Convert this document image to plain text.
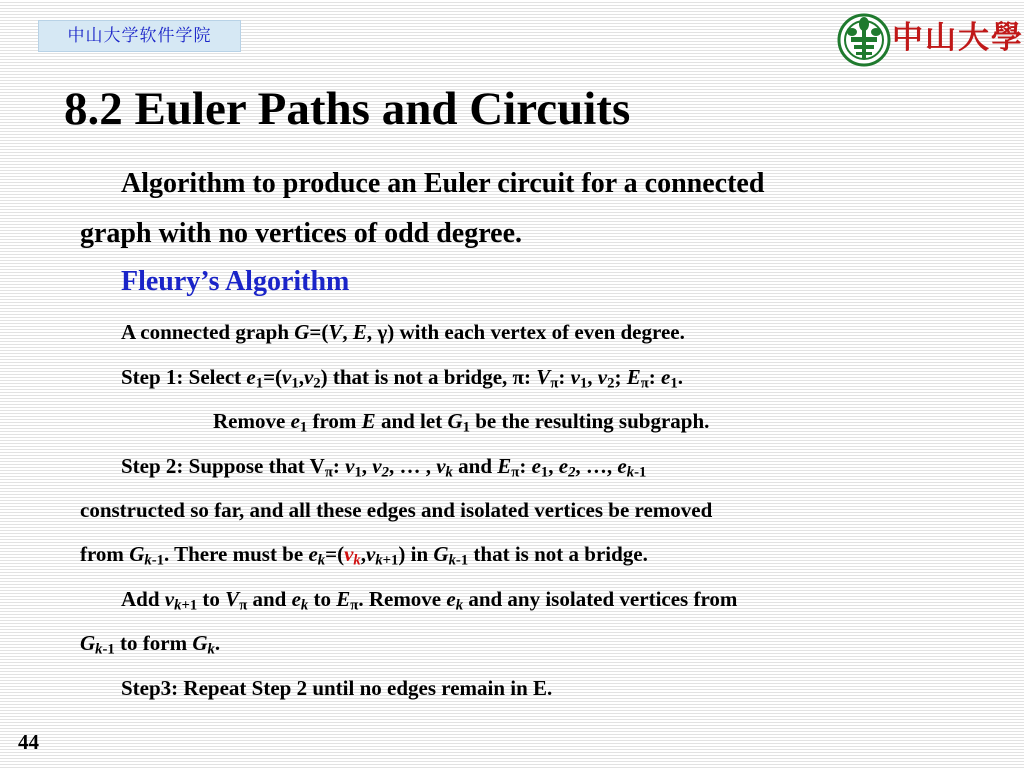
中山大学软件学院	中山大學
8.2 Euler Paths and Circuits
Algorithm to produce an Euler circuit for a connected
graph with no vertices of odd degree.
Fleury’s Algorithm
A connected graph G=(V, E, γ) with each vertex of even degree.
Step 1: Select $e_1=(v_1,v_2)$ that is not a bridge, π: $V_\pi$: $v_1$, $v_2$; $E_\pi$: $e_1$.
Remove $e_1$ from E and let $G_1$ be the resulting subgraph.
Step 2: Suppose that $V_\pi$: $v_1$, $v_2$, … , $v_k$ and $E_\pi$: $e_1$, $e_2$, …, $e_{k-1}$
constructed so far, and all these edges and isolated vertices be removed
from $G_{k-1}$. There must be $e_k=(v_k,v_{k+1})$ in $G_{k-1}$ that is not a bridge.
Add $v_{k+1}$ to $V_\pi$ and $e_k$ to $E_\pi$. Remove $e_k$ and any isolated vertices from
$G_{k-1}$ to form $G_k$.
Step3: Repeat Step 2 until no edges remain in E.
44
